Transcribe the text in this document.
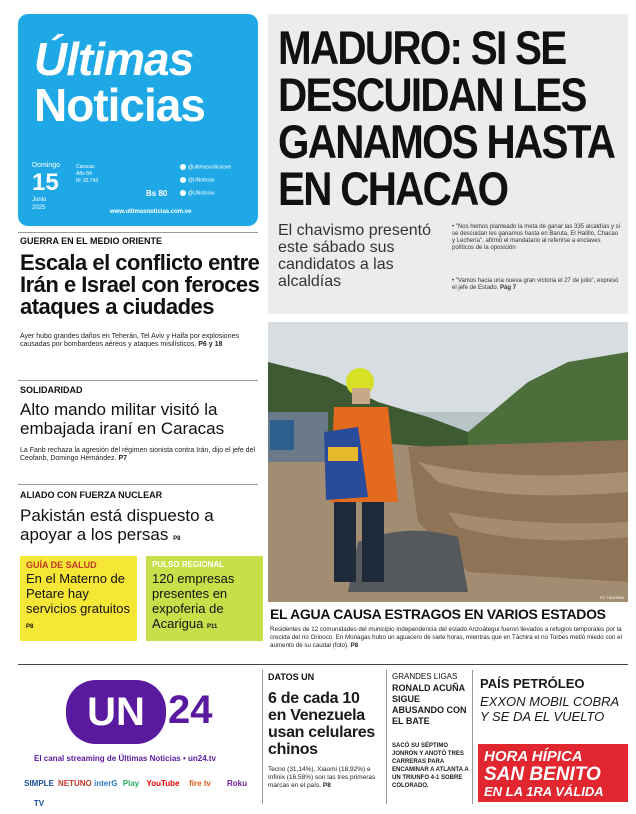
Últimas
Noticias
Domingo
15
Junio
2025
Caracas
Año 84
Nº 32.743
Bs 80
@ultimasnoticiasve
@UNoticias
@UNoticias
www.ultimasnoticias.com.ve
MADURO: SI SE DESCUIDAN LES GANAMOS HASTA EN CHACAO
El chavismo presentó este sábado sus candidatos a las alcaldías
• "Nos hemos planteado la meta de ganar las 335 alcaldías y si se descuidan les ganamos hasta en Baruta, El Hatillo, Chacao y Lechería", afirmó el mandatario al referirse a enclaves políticos de la oposición
• "Vamos hacia una nueva gran victoria el 27 de julio", expresó el jefe de Estado. Pág 7
GUERRA EN EL MEDIO ORIENTE
Escala el conflicto entre Irán e Israel con feroces ataques a ciudades
Ayer hubo grandes daños en Teherán, Tel Aviv y Haifa por explosiones causadas por bombardeos aéreos y ataques misilísticos. P6 y 18
SOLIDARIDAD
Alto mando militar visitó la embajada iraní en Caracas
La Fanb rechaza la agresión del régimen sionista contra Irán, dijo el jefe del Ceofanb, Domingo Hernández. P7
ALIADO CON FUERZA NUCLEAR
Pakistán está dispuesto a apoyar a los persas P8
GUÍA DE SALUD
En el Materno de Petare hay servicios gratuitos P8
PULSO REGIONAL
120 empresas presentes en expoferia de Acarigua P11
FC TÁCHIRA
EL AGUA CAUSA ESTRAGOS EN VARIOS ESTADOS
Residentes de 12 comunidades del municipio Independencia del estado Anzoátegui fueron llevados a refugios temporales por la crecida del río Orinoco. En Monagas hubo un aguacero de siete horas, mientras que en Táchira el río Torbes metió miedo con el aumento de su caudal (foto). P8
UN 24
El canal streaming de Últimas Noticias • un24.tv
SIMPLE TV
NETUNO interG Play YouTube	fire tv	Roku
DATOS UN
6 de cada 10 en Venezuela usan celulares chinos
Tecno (31,14%), Xiaomi (18,92%) e Infinix (16,58%) son las tres primeras marcas en el país. P8
GRANDES LIGAS
RONALD ACUÑA SIGUE ABUSANDO CON EL BATE
SACÓ SU SÉPTIMO JONRÓN Y ANOTÓ TRES CARRERAS PARA ENCAMINAR A ATLANTA A UN TRIUNFO 4-1 SOBRE COLORADO.
PAÍS PETRÓLEO
EXXON MOBIL COBRA Y SE DA EL VUELTO
HORA HÍPICA
SAN BENITO
EN LA 1RA VÁLIDA
